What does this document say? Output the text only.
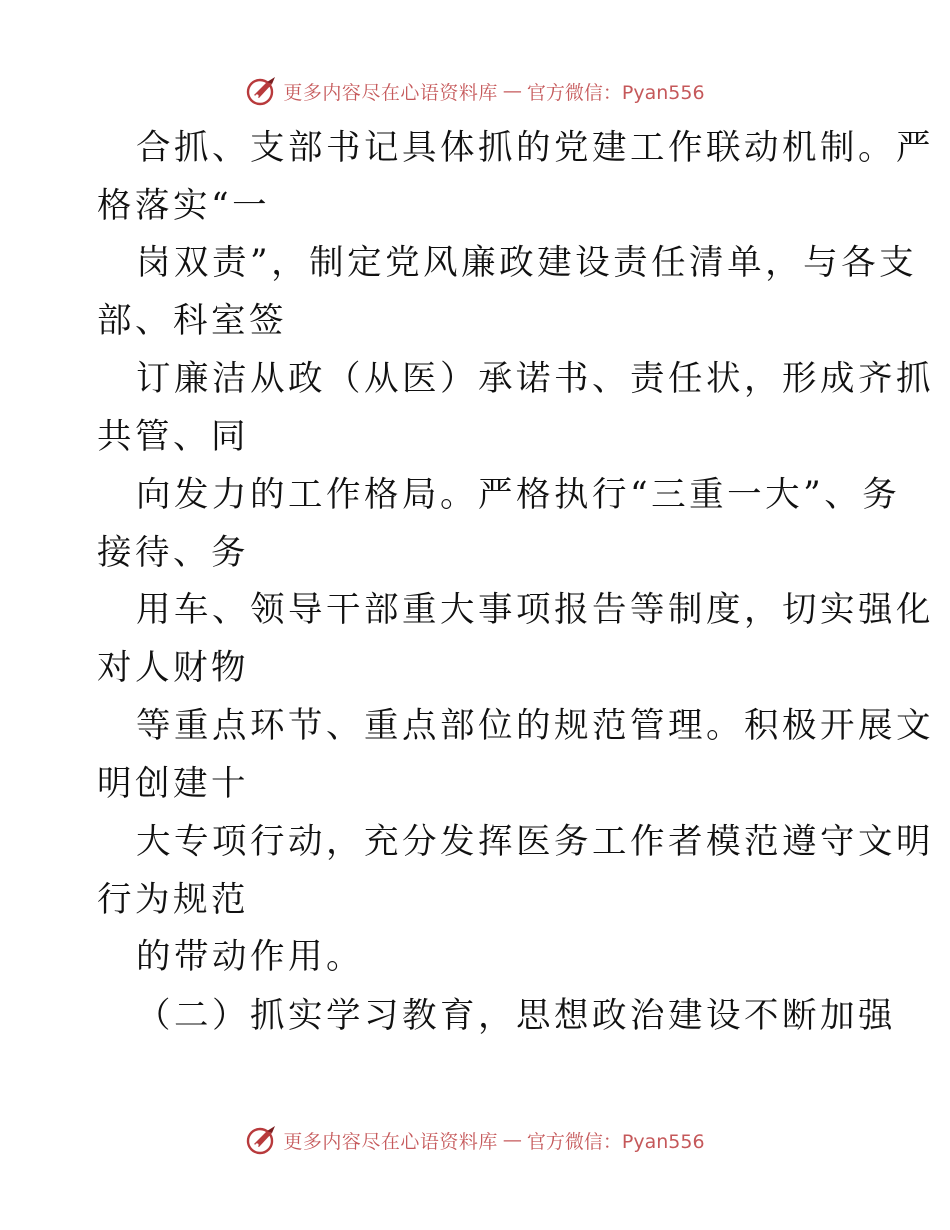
更多内容尽在心语资料库 — 官方微信：Pyan556
合抓、支部书记具体抓的党建工作联动机制。严
格落实“一
岗双责”，制定党风廉政建设责任清单，与各支
部、科室签
订廉洁从政（从医）承诺书、责任状，形成齐抓
共管、同
向发力的工作格局。严格执行“三重一大”、务
接待、务
用车、领导干部重大事项报告等制度，切实强化
对人财物
等重点环节、重点部位的规范管理。积极开展文
明创建十
大专项行动，充分发挥医务工作者模范遵守文明
行为规范
的带动作用。
（二）抓实学习教育，思想政治建设不断加强
更多内容尽在心语资料库 — 官方微信：Pyan556
